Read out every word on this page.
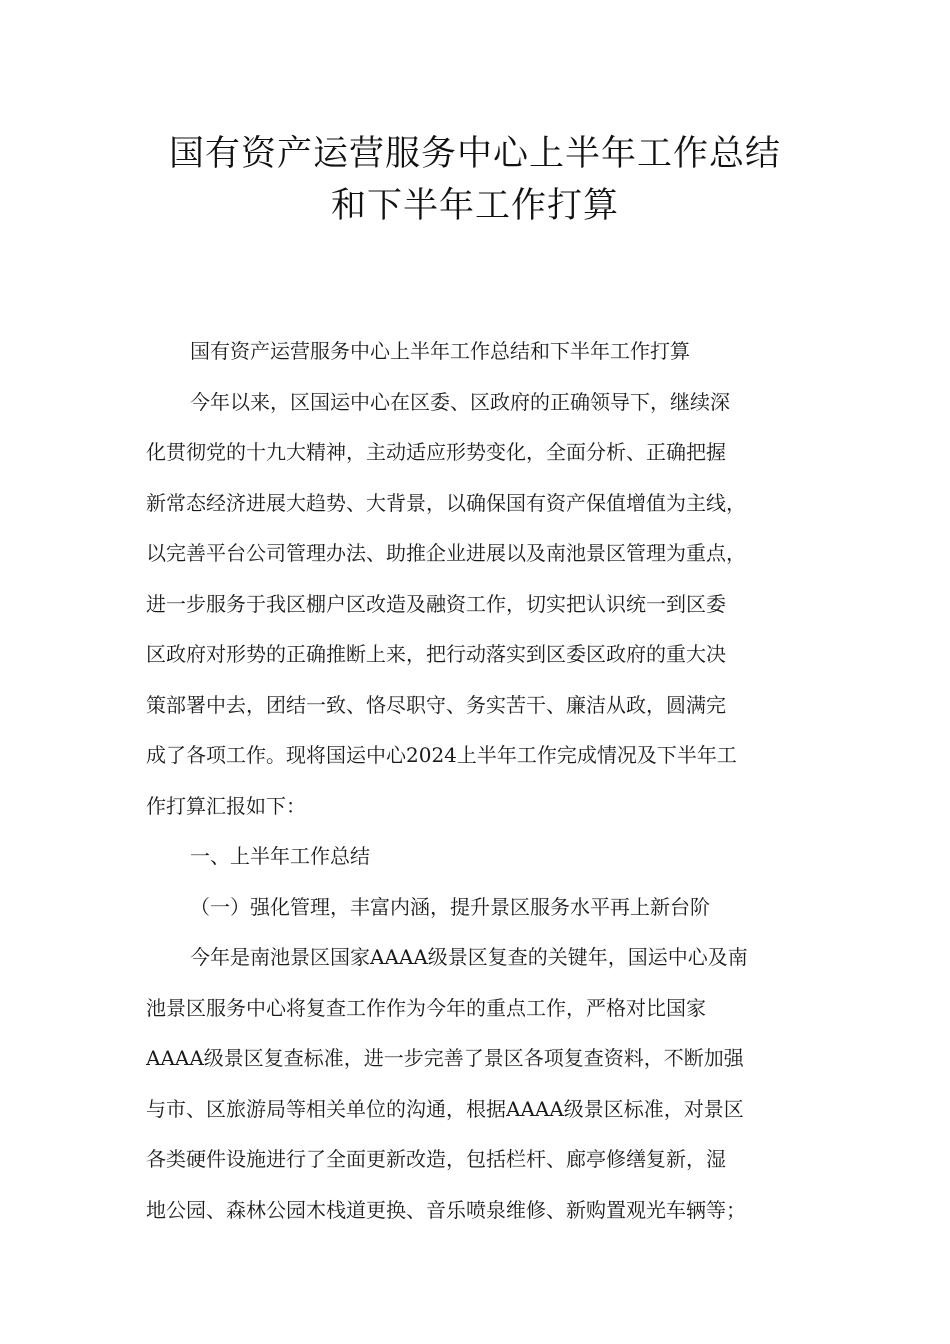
国有资产运营服务中心上半年工作总结
和下半年工作打算
国有资产运营服务中心上半年工作总结和下半年工作打算
今年以来，区国运中心在区委、区政府的正确领导下，继续深
化贯彻党的十九大精神，主动适应形势变化，全面分析、正确把握
新常态经济进展大趋势、大背景，以确保国有资产保值增值为主线，
以完善平台公司管理办法、助推企业进展以及南池景区管理为重点，
进一步服务于我区棚户区改造及融资工作，切实把认识统一到区委
区政府对形势的正确推断上来，把行动落实到区委区政府的重大决
策部署中去，团结一致、恪尽职守、务实苦干、廉洁从政，圆满完
成了各项工作。现将国运中心2024上半年工作完成情况及下半年工
作打算汇报如下：
一、上半年工作总结
（一）强化管理，丰富内涵，提升景区服务水平再上新台阶
今年是南池景区国家AAAA级景区复查的关键年，国运中心及南
池景区服务中心将复查工作作为今年的重点工作，严格对比国家
AAAA级景区复查标准，进一步完善了景区各项复查资料，不断加强
与市、区旅游局等相关单位的沟通，根据AAAA级景区标准，对景区
各类硬件设施进行了全面更新改造，包括栏杆、廊亭修缮复新，湿
地公园、森林公园木栈道更换、音乐喷泉维修、新购置观光车辆等；
